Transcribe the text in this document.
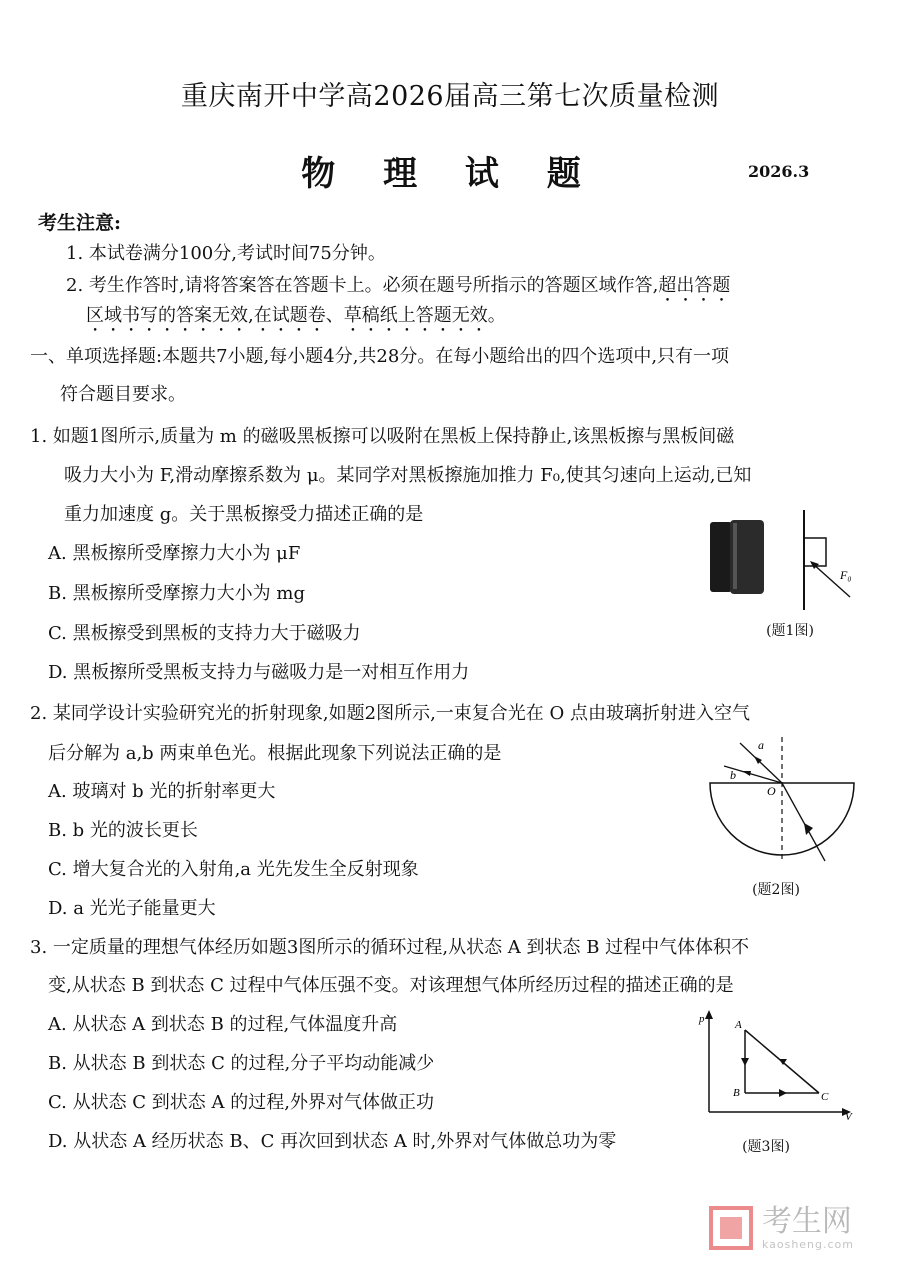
重庆南开中学高2026届高三第七次质量检测
物 理 试 题	2026.3
考生注意:
1. 本试卷满分100分,考试时间75分钟。
2. 考生作答时,请将答案答在答题卡上。必须在题号所指示的答题区域作答,超出答题
区域书写的答案无效,在试题卷、草稿纸上答题无效。
一、单项选择题:本题共7小题,每小题4分,共28分。在每小题给出的四个选项中,只有一项
符合题目要求。
1. 如题1图所示,质量为 m 的磁吸黑板擦可以吸附在黑板上保持静止,该黑板擦与黑板间磁
吸力大小为 F,滑动摩擦系数为 μ。某同学对黑板擦施加推力 F₀,使其匀速向上运动,已知
重力加速度 g。关于黑板擦受力描述正确的是
A. 黑板擦所受摩擦力大小为 μF
B. 黑板擦所受摩擦力大小为 mg
C. 黑板擦受到黑板的支持力大于磁吸力
D. 黑板擦所受黑板支持力与磁吸力是一对相互作用力
F₀
(题1图)
2. 某同学设计实验研究光的折射现象,如题2图所示,一束复合光在 O 点由玻璃折射进入空气
后分解为 a,b 两束单色光。根据此现象下列说法正确的是
A. 玻璃对 b 光的折射率更大
B. b 光的波长更长
C. 增大复合光的入射角,a 光先发生全反射现象
D. a 光光子能量更大
a
b
O
(题2图)
3. 一定质量的理想气体经历如题3图所示的循环过程,从状态 A 到状态 B 过程中气体体积不
变,从状态 B 到状态 C 过程中气体压强不变。对该理想气体所经历过程的描述正确的是
A. 从状态 A 到状态 B 的过程,气体温度升高
B. 从状态 B 到状态 C 的过程,分子平均动能减少
C. 从状态 C 到状态 A 的过程,外界对气体做正功
D. 从状态 A 经历状态 B、C 再次回到状态 A 时,外界对气体做总功为零
p
V
A
B	C
(题3图)
考生网
kaosheng.com
